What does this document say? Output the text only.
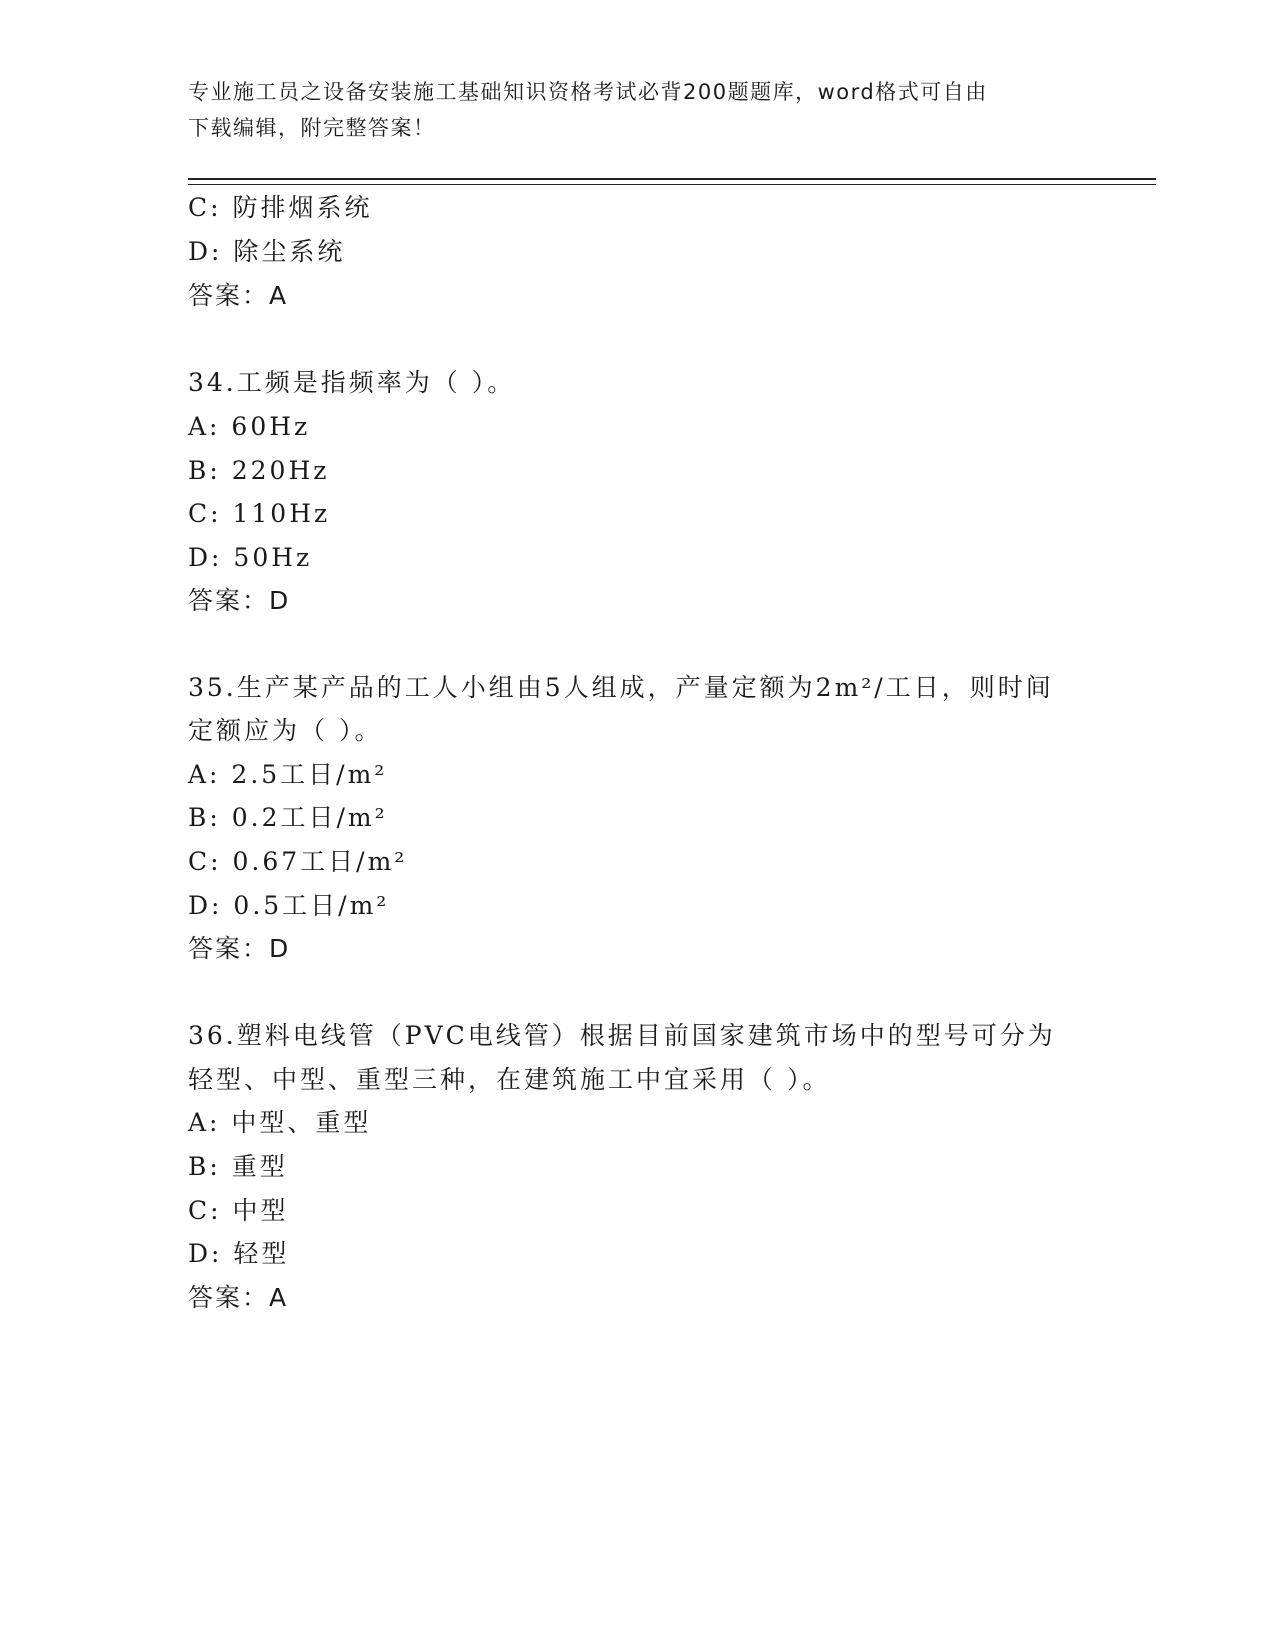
专业施工员之设备安装施工基础知识资格考试必背200题题库，word格式可自由
下载编辑，附完整答案！
C: 防排烟系统
D: 除尘系统
答案：A
34.工频是指频率为（ ）。
A: 60Hz
B: 220Hz
C: 110Hz
D: 50Hz
答案：D
35.生产某产品的工人小组由5人组成，产量定额为2m²/工日，则时间
定额应为（ ）。
A: 2.5工日/m²
B: 0.2工日/m²
C: 0.67工日/m²
D: 0.5工日/m²
答案：D
36.塑料电线管（PVC电线管）根据目前国家建筑市场中的型号可分为
轻型、中型、重型三种，在建筑施工中宜采用（ ）。
A: 中型、重型
B: 重型
C: 中型
D: 轻型
答案：A
